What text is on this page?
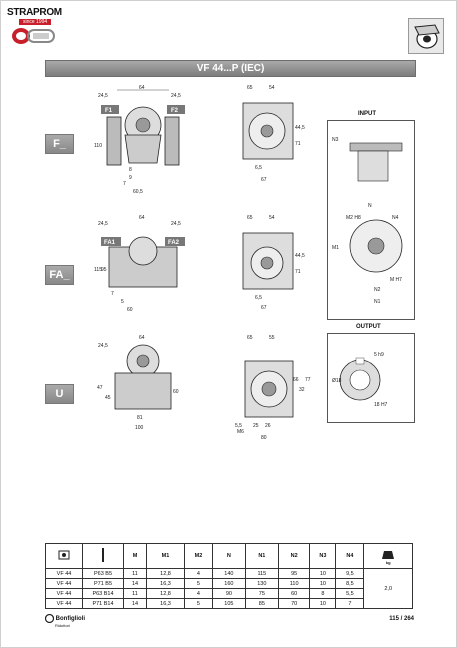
STRAPROM
since 1994
VF 44...P (IEC)
F_
FA_
U
64
24,5	24,5
F1	F2
110
8
9
7
60,5
65	54
44,5
71
6,5
67
64
24,5	24,5
FA1	FA2
115 95
7
5
60
65	54
44,5
71
6,5
67
64
24,5
47
45
60
81
100
65	55
66
32
77
5,5 25 26
80
M6
N3
N
M2 H8	N4
M1
M H7
N2
N1
INPUT
OUTPUT
5 h9
Ø18
18 H7
		M	M1	M2	N	N1	N2	N3	N4	kg

VF 44	P63 B5	11	12,8	4	140	115	95	10	9,5	2,0
VF 44	P71 B5	14	16,3	5	160	130	110	10	8,5	
VF 44	P63 B14	11	12,8	4	90	75	60	8	5,5	
VF 44	P71 B14	14	16,3	5	105	85	70	10	7	
Bonfiglioli
Riduttori
115 / 264
